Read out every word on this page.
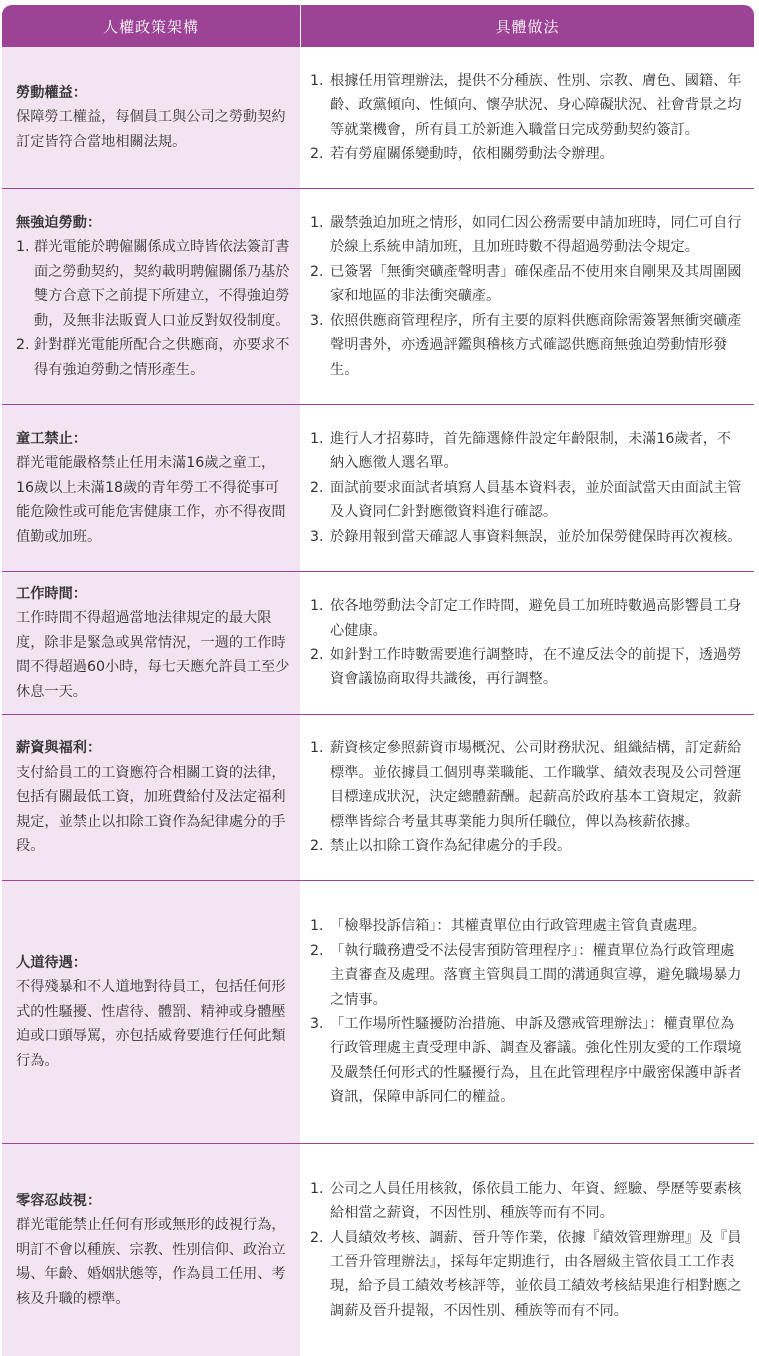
人權政策架構	具體做法
勞動權益：
保障勞工權益，每個員工與公司之勞動契約訂定皆符合當地相關法規。
1. 根據任用管理辦法，提供不分種族、性別、宗教、膚色、國籍、年齡、政黨傾向、性傾向、懷孕狀況、身心障礙狀況、社會背景之均等就業機會，所有員工於新進入職當日完成勞動契約簽訂。
2. 若有勞雇關係變動時，依相關勞動法令辦理。
無強迫勞動：
1. 群光電能於聘僱關係成立時皆依法簽訂書面之勞動契約，契約載明聘僱關係乃基於雙方合意下之前提下所建立，不得強迫勞動，及無非法販賣人口並反對奴役制度。
2. 針對群光電能所配合之供應商，亦要求不得有強迫勞動之情形產生。
1. 嚴禁強迫加班之情形，如同仁因公務需要申請加班時，同仁可自行於線上系統申請加班，且加班時數不得超過勞動法令規定。
2. 已簽署「無衝突礦產聲明書」確保產品不使用來自剛果及其周圍國家和地區的非法衝突礦產。
3. 依照供應商管理程序，所有主要的原料供應商除需簽署無衝突礦產聲明書外，亦透過評鑑與稽核方式確認供應商無強迫勞動情形發生。
童工禁止：
群光電能嚴格禁止任用未滿16歲之童工，16歲以上未滿18歲的青年勞工不得從事可能危險性或可能危害健康工作，亦不得夜間值勤或加班。
1. 進行人才招募時，首先篩選條件設定年齡限制，未滿16歲者，不納入應徵人選名單。
2. 面試前要求面試者填寫人員基本資料表，並於面試當天由面試主管及人資同仁針對應徵資料進行確認。
3. 於錄用報到當天確認人事資料無誤，並於加保勞健保時再次複核。
工作時間：
工作時間不得超過當地法律規定的最大限度，除非是緊急或異常情況，一週的工作時間不得超過60小時，每七天應允許員工至少休息一天。
1. 依各地勞動法令訂定工作時間，避免員工加班時數過高影響員工身心健康。
2. 如針對工作時數需要進行調整時，在不違反法令的前提下，透過勞資會議協商取得共識後，再行調整。
薪資與福利：
支付給員工的工資應符合相關工資的法律，包括有關最低工資，加班費給付及法定福利規定，並禁止以扣除工資作為紀律處分的手段。
1. 薪資核定參照薪資市場概況、公司財務狀況、組織結構，訂定薪給標準。並依據員工個別專業職能、工作職掌、績效表現及公司營運目標達成狀況，決定總體薪酬。起薪高於政府基本工資規定，敘薪標準皆綜合考量其專業能力與所任職位，俾以為核薪依據。
2. 禁止以扣除工資作為紀律處分的手段。
人道待遇：
不得殘暴和不人道地對待員工，包括任何形式的性騷擾、性虐待、體罰、精神或身體壓迫或口頭辱罵，亦包括威脅要進行任何此類行為。
1. 「檢舉投訴信箱」：其權責單位由行政管理處主管負責處理。
2. 「執行職務遭受不法侵害預防管理程序」：權責單位為行政管理處主責審查及處理。落實主管與員工間的溝通與宣導，避免職場暴力之情事。
3. 「工作場所性騷擾防治措施、申訴及懲戒管理辦法」：權責單位為行政管理處主責受理申訴、調查及審議。強化性別友愛的工作環境及嚴禁任何形式的性騷擾行為，且在此管理程序中嚴密保護申訴者資訊，保障申訴同仁的權益。
零容忍歧視：
群光電能禁止任何有形或無形的歧視行為，明訂不會以種族、宗教、性別信仰、政治立場、年齡、婚姻狀態等，作為員工任用、考核及升職的標準。
1. 公司之人員任用核敘，係依員工能力、年資、經驗、學歷等要素核給相當之薪資，不因性別、種族等而有不同。
2. 人員績效考核、調薪、晉升等作業，依據『績效管理辦理』及『員工晉升管理辦法』，採每年定期進行，由各層級主管依員工工作表現，給予員工績效考核評等，並依員工績效考核結果進行相對應之調薪及晉升提報，不因性別、種族等而有不同。
